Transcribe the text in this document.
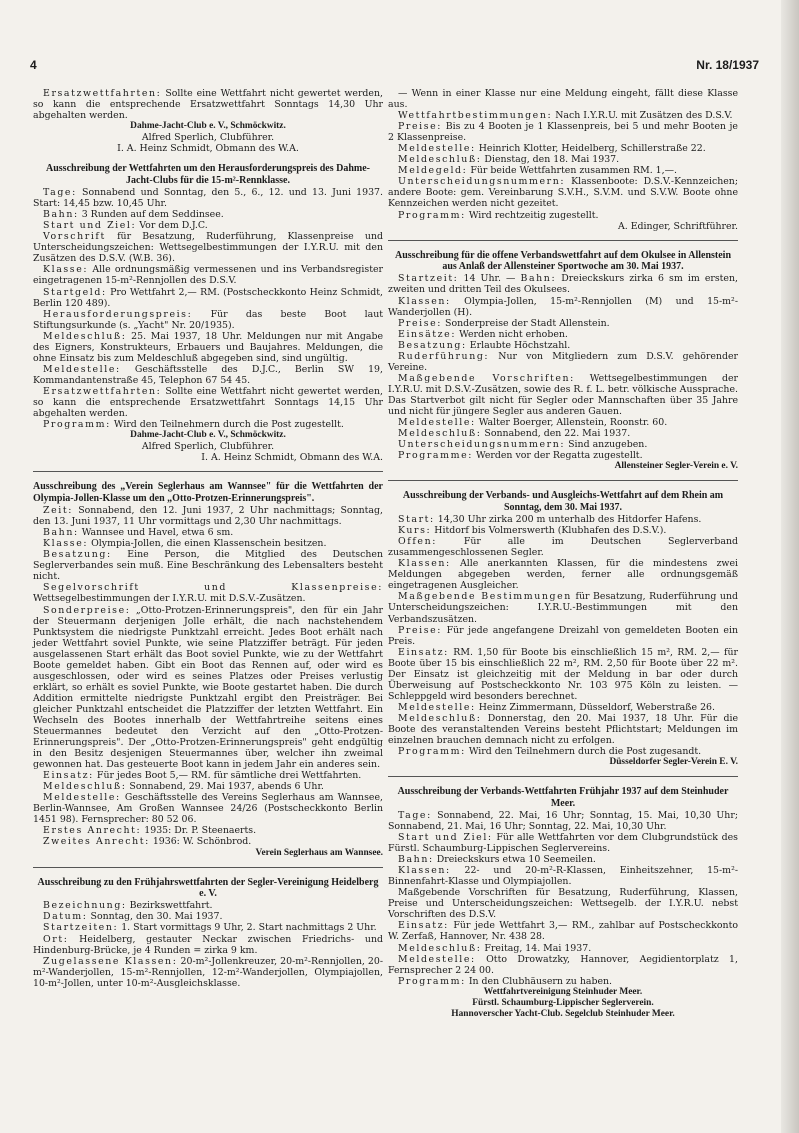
4	Nr. 18/1937

Ersatzwettfahrten: Sollte eine Wettfahrt nicht gewertet werden, so kann die entsprechende Ersatzwettfahrt Sonntags 14,30 Uhr abgehalten werden.

Dahme-Jacht-Club e. V., Schmöckwitz.

Alfred Sperlich, Clubführer.

I. A. Heinz Schmidt, Obmann des W.A.

Ausschreibung der Wettfahrten um den Herausforderungspreis des Dahme-Jacht-Clubs für die 15-m²-Rennklasse.

Tage: Sonnabend und Sonntag, den 5., 6., 12. und 13. Juni 1937. Start: 14,45 bzw. 10,45 Uhr.

Bahn: 3 Runden auf dem Seddinsee.

Start und Ziel: Vor dem D.J.C.

Vorschrift für Besatzung, Ruderführung, Klassenpreise und Unterscheidungszeichen: Wettsegelbestimmungen der I.Y.R.U. mit den Zusätzen des D.S.V. (W.B. 36).

Klasse: Alle ordnungsmäßig vermessenen und ins Verbandsregister eingetragenen 15-m²-Rennjollen des D.S.V.

Startgeld: Pro Wettfahrt 2,— RM. (Postscheckkonto Heinz Schmidt, Berlin 120 489).

Herausforderungspreis: Für das beste Boot laut Stiftungsurkunde (s. „Yacht" Nr. 20/1935).

Meldeschluß: 25. Mai 1937, 18 Uhr. Meldungen nur mit Angabe des Eigners, Konstrukteurs, Erbauers und Baujahres. Meldungen, die ohne Einsatz bis zum Meldeschluß abgegeben sind, sind ungültig.

Meldestelle: Geschäftsstelle des D.J.C., Berlin SW 19, Kommandantenstraße 45, Telephon 67 54 45.

Ersatzwettfahrten: Sollte eine Wettfahrt nicht gewertet werden, so kann die entsprechende Ersatzwettfahrt Sonntags 14,15 Uhr abgehalten werden.

Programm: Wird den Teilnehmern durch die Post zugestellt.

Dahme-Jacht-Club e. V., Schmöckwitz.

Alfred Sperlich, Clubführer.

I. A. Heinz Schmidt, Obmann des W.A.

Ausschreibung des „Verein Seglerhaus am Wannsee" für die Wettfahrten der Olympia-Jollen-Klasse um den „Otto-Protzen-Erinnerungspreis".

Zeit: Sonnabend, den 12. Juni 1937, 2 Uhr nachmittags; Sonntag, den 13. Juni 1937, 11 Uhr vormittags und 2,30 Uhr nachmittags.

Bahn: Wannsee und Havel, etwa 6 sm.

Klasse: Olympia-Jollen, die einen Klassenschein besitzen.

Besatzung: Eine Person, die Mitglied des Deutschen Seglerverbandes sein muß. Eine Beschränkung des Lebensalters besteht nicht.

Segelvorschrift und Klassenpreise: Wettsegelbestimmungen der I.Y.R.U. mit D.S.V.-Zusätzen.

Sonderpreise: „Otto-Protzen-Erinnerungspreis", den für ein Jahr der Steuermann derjenigen Jolle erhält, die nach nachstehendem Punktsystem die niedrigste Punktzahl erreicht. Jedes Boot erhält nach jeder Wettfahrt soviel Punkte, wie seine Platzziffer beträgt. Für jeden ausgelassenen Start erhält das Boot soviel Punkte, wie zu der Wettfahrt Boote gemeldet haben. Gibt ein Boot das Rennen auf, oder wird es ausgeschlossen, oder wird es seines Platzes oder Preises verlustig erklärt, so erhält es soviel Punkte, wie Boote gestartet haben. Die durch Addition ermittelte niedrigste Punktzahl ergibt den Preisträger. Bei gleicher Punktzahl entscheidet die Platzziffer der letzten Wettfahrt. Ein Wechseln des Bootes innerhalb der Wettfahrtreihe seitens eines Steuermannes bedeutet den Verzicht auf den „Otto-Protzen-Erinnerungspreis". Der „Otto-Protzen-Erinnerungspreis" geht endgültig in den Besitz desjenigen Steuermannes über, welcher ihn zweimal gewonnen hat. Das gesteuerte Boot kann in jedem Jahr ein anderes sein.

Einsatz: Für jedes Boot 5,— RM. für sämtliche drei Wettfahrten.

Meldeschluß: Sonnabend, 29. Mai 1937, abends 6 Uhr.

Meldestelle: Geschäftsstelle des Vereins Seglerhaus am Wannsee, Berlin-Wannsee, Am Großen Wannsee 24/26 (Postscheckkonto Berlin 1451 98). Fernsprecher: 80 52 06.

Erstes Anrecht: 1935: Dr. P. Steenaerts.

Zweites Anrecht: 1936: W. Schönbrod.

Verein Seglerhaus am Wannsee.

Ausschreibung zu den Frühjahrswettfahrten der Segler-Vereinigung Heidelberg e. V.

Bezeichnung: Bezirkswettfahrt.

Datum: Sonntag, den 30. Mai 1937.

Startzeiten: 1. Start vormittags 9 Uhr, 2. Start nachmittags 2 Uhr.

Ort: Heidelberg, gestauter Neckar zwischen Friedrichs- und Hindenburg-Brücke, je 4 Runden = zirka 9 km.

Zugelassene Klassen: 20-m²-Jollenkreuzer, 20-m²-Rennjollen, 20-m²-Wanderjollen, 15-m²-Rennjollen, 12-m²-Wanderjollen, Olympiajollen, 10-m²-Jollen, unter 10-m²-Ausgleichsklasse.

— Wenn in einer Klasse nur eine Meldung eingeht, fällt diese Klasse aus.

Wettfahrtbestimmungen: Nach I.Y.R.U. mit Zusätzen des D.S.V.

Preise: Bis zu 4 Booten je 1 Klassenpreis, bei 5 und mehr Booten je 2 Klassenpreise.

Meldestelle: Heinrich Klotter, Heidelberg, Schillerstraße 22.

Meldeschluß: Dienstag, den 18. Mai 1937.

Meldegeld: Für beide Wettfahrten zusammen RM. 1,—.

Unterscheidungsnummern: Klassenboote: D.S.V.-Kennzeichen; andere Boote: gem. Vereinbarung S.V.H., S.V.M. und S.V.W. Boote ohne Kennzeichen werden nicht gezeitet.

Programm: Wird rechtzeitig zugestellt.

A. Edinger, Schriftführer.

Ausschreibung für die offene Verbandswettfahrt auf dem Okulsee in Allenstein aus Anlaß der Allensteiner Sportwoche am 30. Mai 1937.

Startzeit: 14 Uhr. — Bahn: Dreieckskurs zirka 6 sm im ersten, zweiten und dritten Teil des Okulsees.

Klassen: Olympia-Jollen, 15-m²-Rennjollen (M) und 15-m²-Wanderjollen (H).

Preise: Sonderpreise der Stadt Allenstein.

Einsätze: Werden nicht erhoben.

Besatzung: Erlaubte Höchstzahl.

Ruderführung: Nur von Mitgliedern zum D.S.V. gehörender Vereine.

Maßgebende Vorschriften: Wettsegelbestimmungen der I.Y.R.U. mit D.S.V.-Zusätzen, sowie des R. f. L. betr. völkische Aussprache. Das Startverbot gilt nicht für Segler oder Mannschaften über 35 Jahre und nicht für jüngere Segler aus anderen Gauen.

Meldestelle: Walter Boerger, Allenstein, Roonstr. 60.

Meldeschluß: Sonnabend, den 22. Mai 1937.

Unterscheidungsnummern: Sind anzugeben.

Programme: Werden vor der Regatta zugestellt.

Allensteiner Segler-Verein e. V.

Ausschreibung der Verbands- und Ausgleichs-Wettfahrt auf dem Rhein am Sonntag, dem 30. Mai 1937.

Start: 14,30 Uhr zirka 200 m unterhalb des Hitdorfer Hafens.

Kurs: Hitdorf bis Volmerswerth (Klubhafen des D.S.V.).

Offen: Für alle im Deutschen Seglerverband zusammengeschlossenen Segler.

Klassen: Alle anerkannten Klassen, für die mindestens zwei Meldungen abgegeben werden, ferner alle ordnungsgemäß eingetragenen Ausgleicher.

Maßgebende Bestimmungen für Besatzung, Ruderführung und Unterscheidungszeichen: I.Y.R.U.-Bestimmungen mit den Verbandszusätzen.

Preise: Für jede angefangene Dreizahl von gemeldeten Booten ein Preis.

Einsatz: RM. 1,50 für Boote bis einschließlich 15 m², RM. 2,— für Boote über 15 bis einschließlich 22 m², RM. 2,50 für Boote über 22 m². Der Einsatz ist gleichzeitig mit der Meldung in bar oder durch Überweisung auf Postscheckkonto Nr. 103 975 Köln zu leisten. — Schleppgeld wird besonders berechnet.

Meldestelle: Heinz Zimmermann, Düsseldorf, Weberstraße 26.

Meldeschluß: Donnerstag, den 20. Mai 1937, 18 Uhr. Für die Boote des veranstaltenden Vereins besteht Pflichtstart; Meldungen im einzelnen brauchen demnach nicht zu erfolgen.

Programm: Wird den Teilnehmern durch die Post zugesandt.

Düsseldorfer Segler-Verein E. V.

Ausschreibung der Verbands-Wettfahrten Frühjahr 1937 auf dem Steinhuder Meer.

Tage: Sonnabend, 22. Mai, 16 Uhr; Sonntag, 15. Mai, 10,30 Uhr; Sonnabend, 21. Mai, 16 Uhr; Sonntag, 22. Mai, 10,30 Uhr.

Start und Ziel: Für alle Wettfahrten vor dem Clubgrundstück des Fürstl. Schaumburg-Lippischen Seglervereins.

Bahn: Dreieckskurs etwa 10 Seemeilen.

Klassen: 22- und 20-m²-R-Klassen, Einheitszehner, 15-m²-Binnenfahrt-Klasse und Olympiajollen.

Maßgebende Vorschriften für Besatzung, Ruderführung, Klassen, Preise und Unterscheidungszeichen: Wettsegelb. der I.Y.R.U. nebst Vorschriften des D.S.V.

Einsatz: Für jede Wettfahrt 3,— RM., zahlbar auf Postscheckkonto W. Zerfaß, Hannover, Nr. 438 28.

Meldeschluß: Freitag, 14. Mai 1937.

Meldestelle: Otto Drowatzky, Hannover, Aegidientorplatz 1, Fernsprecher 2 24 00.

Programm: In den Clubhäusern zu haben.

Wettfahrtvereinigung Steinhuder Meer.

Fürstl. Schaumburg-Lippischer Seglerverein.

Hannoverscher Yacht-Club. Segelclub Steinhuder Meer.
